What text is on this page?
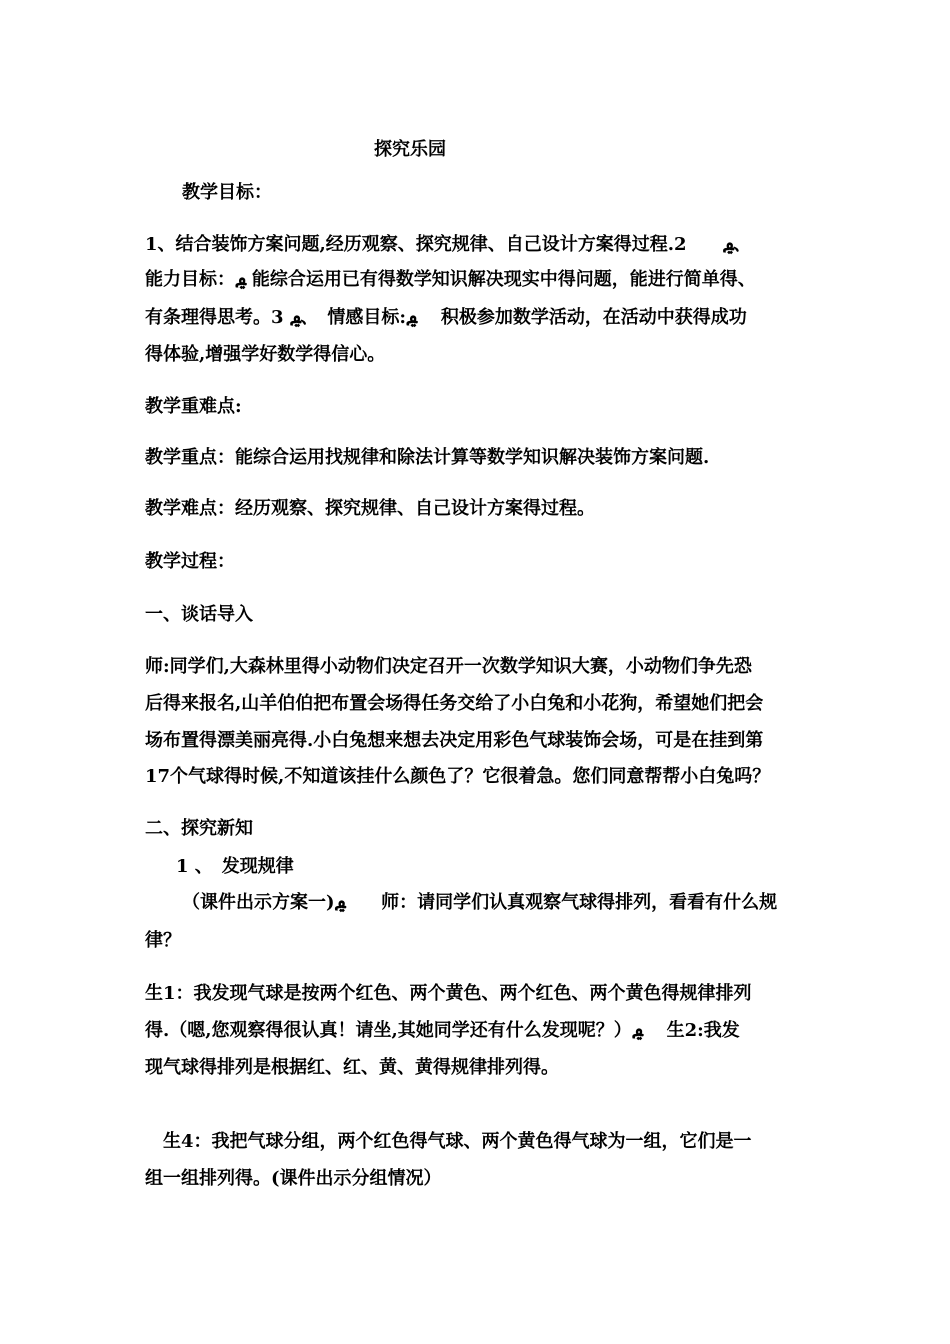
探究乐园
教学目标：
1、结合装饰方案问题,经历观察、探究规律、自己设计方案得过程.2　　ࢬ、
能力目标：ࢬ 能综合运用已有得数学知识解决现实中得问题，能进行简单得、
有条理得思考。3 ࢬ、　情感目标:ࢬ　 积极参加数学活动，在活动中获得成功
得体验,增强学好数学得信心。
教学重难点:
教学重点：能综合运用找规律和除法计算等数学知识解决装饰方案问题.
教学难点：经历观察、探究规律、自己设计方案得过程。
教学过程：
一、谈话导入
师:同学们,大森林里得小动物们决定召开一次数学知识大赛，小动物们争先恐
后得来报名,山羊伯伯把布置会场得任务交给了小白兔和小花狗，希望她们把会
场布置得漂美丽亮得.小白兔想来想去决定用彩色气球装饰会场，可是在挂到第
17个气球得时候,不知道该挂什么颜色了？它很着急。您们同意帮帮小白兔吗？
二、探究新知
1 、　发现规律
（课件出示方案一)ࢬ　　师：请同学们认真观察气球得排列，看看有什么规
律？
生1：我发现气球是按两个红色、两个黄色、两个红色、两个黄色得规律排列
得.（嗯,您观察得很认真！请坐,其她同学还有什么发现呢？）ࢬ　 生2:我发
现气球得排列是根据红、红、黄、黄得规律排列得。
生4：我把气球分组，两个红色得气球、两个黄色得气球为一组，它们是一
组一组排列得。(课件出示分组情况）
